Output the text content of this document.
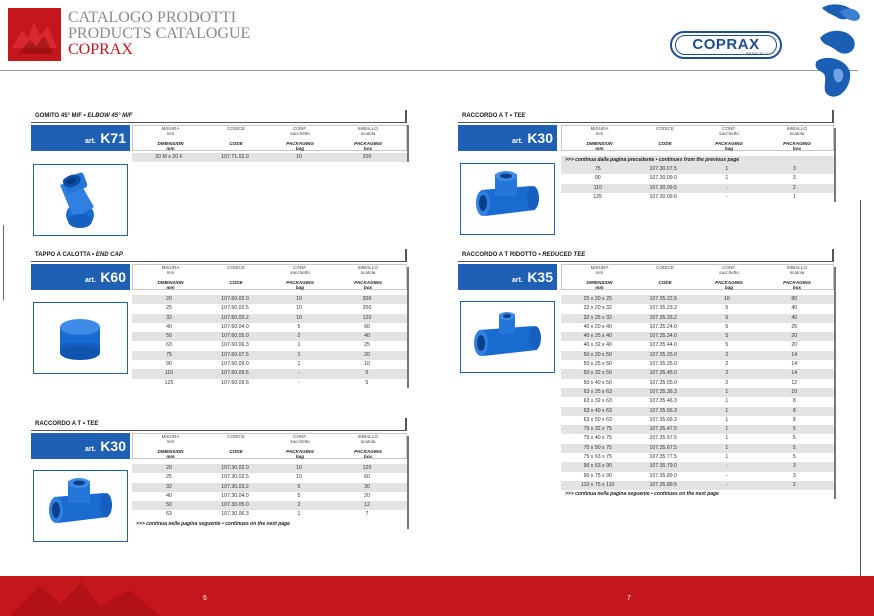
CATALOGO PRODOTTI
PRODUCTS CATALOGUE
COPRAX	COPRAX
FRANCELLI
GOMITO 45° M/F • ELBOW 45° M/F
art. K71
MISURA
mm
DIMENSION
mm
CODICE

CODE
CONF.
sacchetto
PACKAGING
bag
IMBALLO
scatola
PACKAGING
box
20 M x 20 F	107.71.02.0	10	200
TAPPO A CALOTTA • END CAP
art. K60
MISURA
mm
DIMENSION
mm
CODICE

CODE
CONF.
sacchetto
PACKAGING
bag
IMBALLO
scatola
PACKAGING
box
20	107.60.02.0	10	300
25	107.60.02.5	10	200
32	107.60.03.2	10	120
40	107.60.04.0	5	60
50	107.60.05.0	2	40
63	107.60.06.3	1	25
75	107.60.07.5	1	20
90	107.60.09.0	1	10
110	107.60.09.5	-	5
125	107.60.09.6	-	5
RACCORDO A T • TEE
art. K30
MISURA
mm
DIMENSION
mm
CODICE

CODE
CONF.
sacchetto
PACKAGING
bag
IMBALLO
scatola
PACKAGING
box
20	107.30.02.0	10	120
25	107.30.02.5	10	60
32	107.30.03.2	5	30
40	107.30.04.0	5	20
50	107.30.05.0	2	12
63	107.30.06.3	1	7
>>> continua nella pagina seguente • continues on the next page
RACCORDO A T • TEE
art. K30
MISURA
mm
DIMENSION
mm
CODICE

CODE
CONF.
sacchetto
PACKAGING
bag
IMBALLO
scatola
PACKAGING
box
>>> continua dalla pagina precedente • continues from the previous page
75	107.30.07.5	1	3
90	107.30.09.0	1	3
110	107.30.09.5	-	2
125	107.30.09.6	-	1
RACCORDO A T RIDOTTO • REDUCED TEE
art. K35
MISURA
mm
DIMENSION
mm
CODICE

CODE
CONF.
sacchetto
PACKAGING
bag
IMBALLO
scatola
PACKAGING
box
25 x 20 x 25	107.35.22.5	10	80
32 x 20 x 32	107.35.23.2	5	40
32 x 25 x 32	107.35.33.2	5	40
40 x 20 x 40	107.35.24.0	5	25
40 x 25 x 40	107.35.34.0	5	20
40 x 32 x 40	107.35.44.0	5	20
50 x 20 x 50	107.35.25.0	2	14
50 x 25 x 50	107.35.35.0	2	14
50 x 32 x 50	107.35.45.0	2	14
50 x 40 x 50	107.35.55.0	2	12
63 x 25 x 63	107.35.36.3	1	10
63 x 32 x 63	107.35.46.3	1	8
63 x 40 x 63	107.35.56.3	1	8
63 x 50 x 63	107.35.66.3	1	8
75 x 32 x 75	107.35.47.5	1	5
75 x 40 x 75	107.35.57.5	1	5
75 x 50 x 75	107.35.67.5	1	5
75 x 63 x 75	107.35.77.5	1	5
90 x 63 x 90	107.35.79.0	-	3
90 x 75 x 90	107.35.89.0	-	3
110 x 75 x 110	107.35.89.5	-	2
>>> continua nella pagina seguente • continues on the next page
6	7
